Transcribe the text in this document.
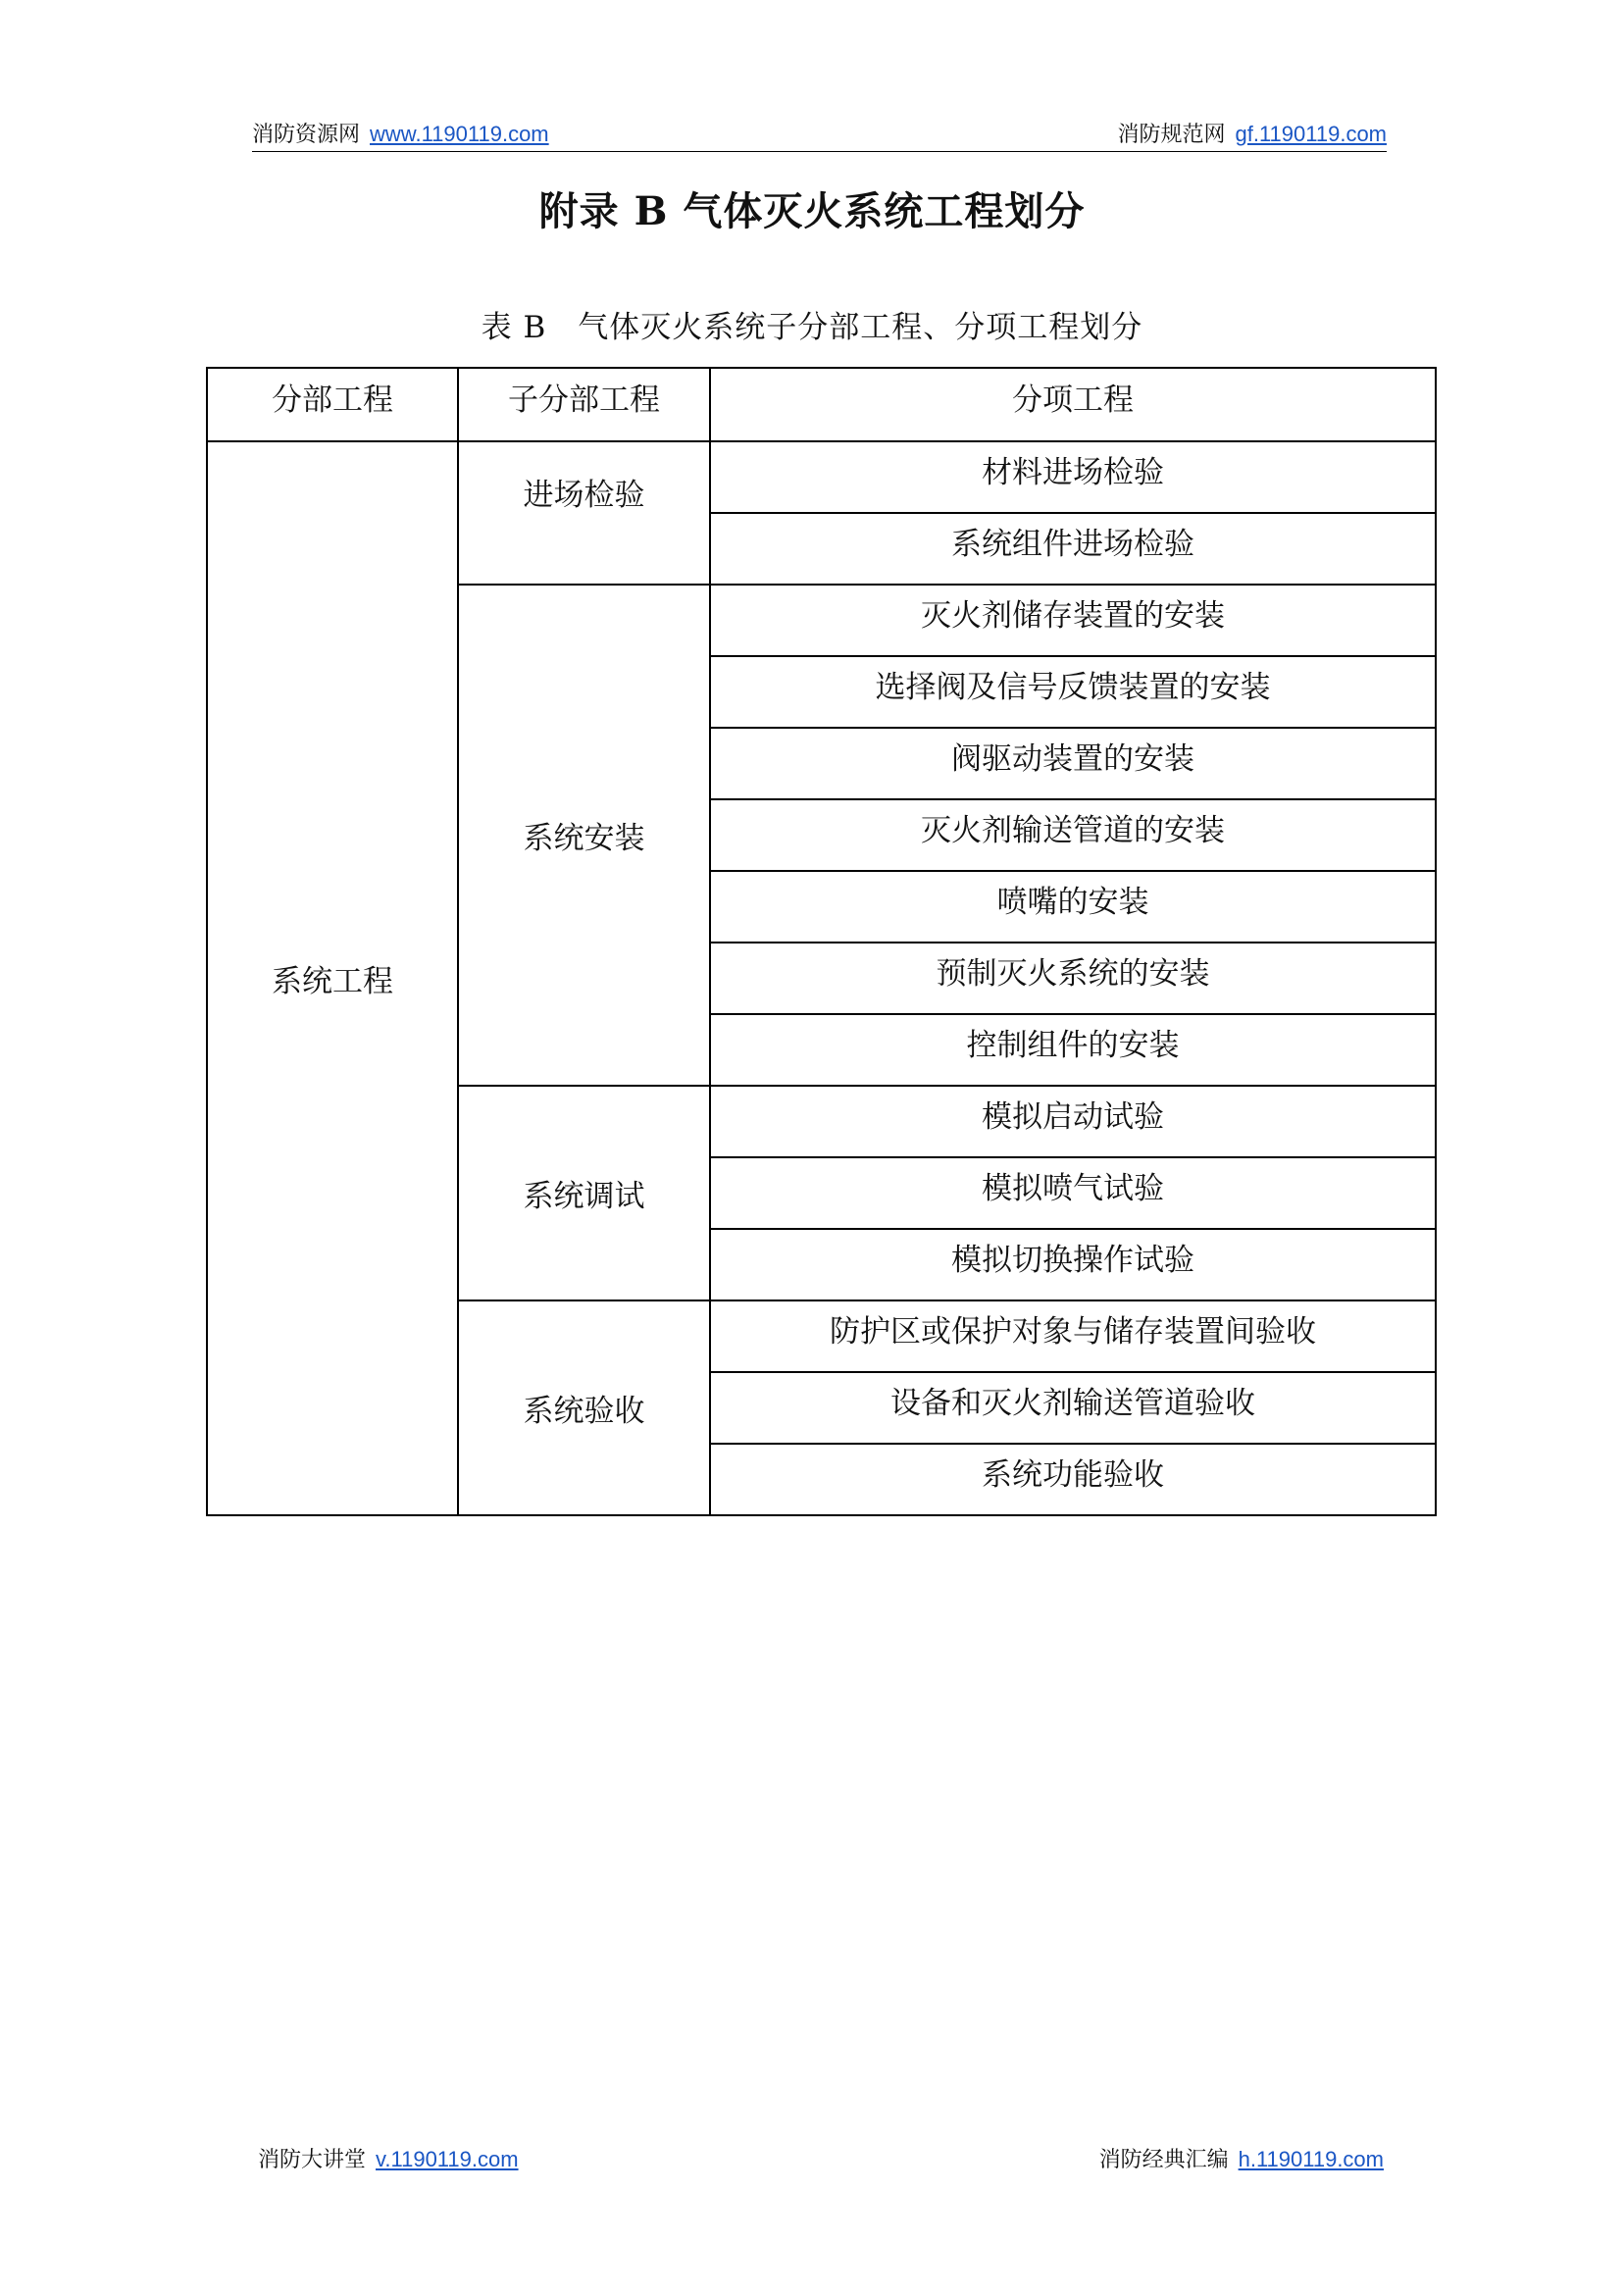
消防资源网 www.1190119.com	消防规范网 gf.1190119.com
附录 B 气体灭火系统工程划分
表 B　气体灭火系统子分部工程、分项工程划分
分部工程	子分部工程	分项工程
系统工程	进场检验	材料进场检验
		系统组件进场检验
	系统安装	灭火剂储存装置的安装
		选择阀及信号反馈装置的安装
		阀驱动装置的安装
		灭火剂输送管道的安装
		喷嘴的安装
		预制灭火系统的安装
		控制组件的安装
	系统调试	模拟启动试验
		模拟喷气试验
		模拟切换操作试验
	系统验收	防护区或保护对象与储存装置间验收
		设备和灭火剂输送管道验收
		系统功能验收
消防大讲堂 v.1190119.com	消防经典汇编 h.1190119.com
